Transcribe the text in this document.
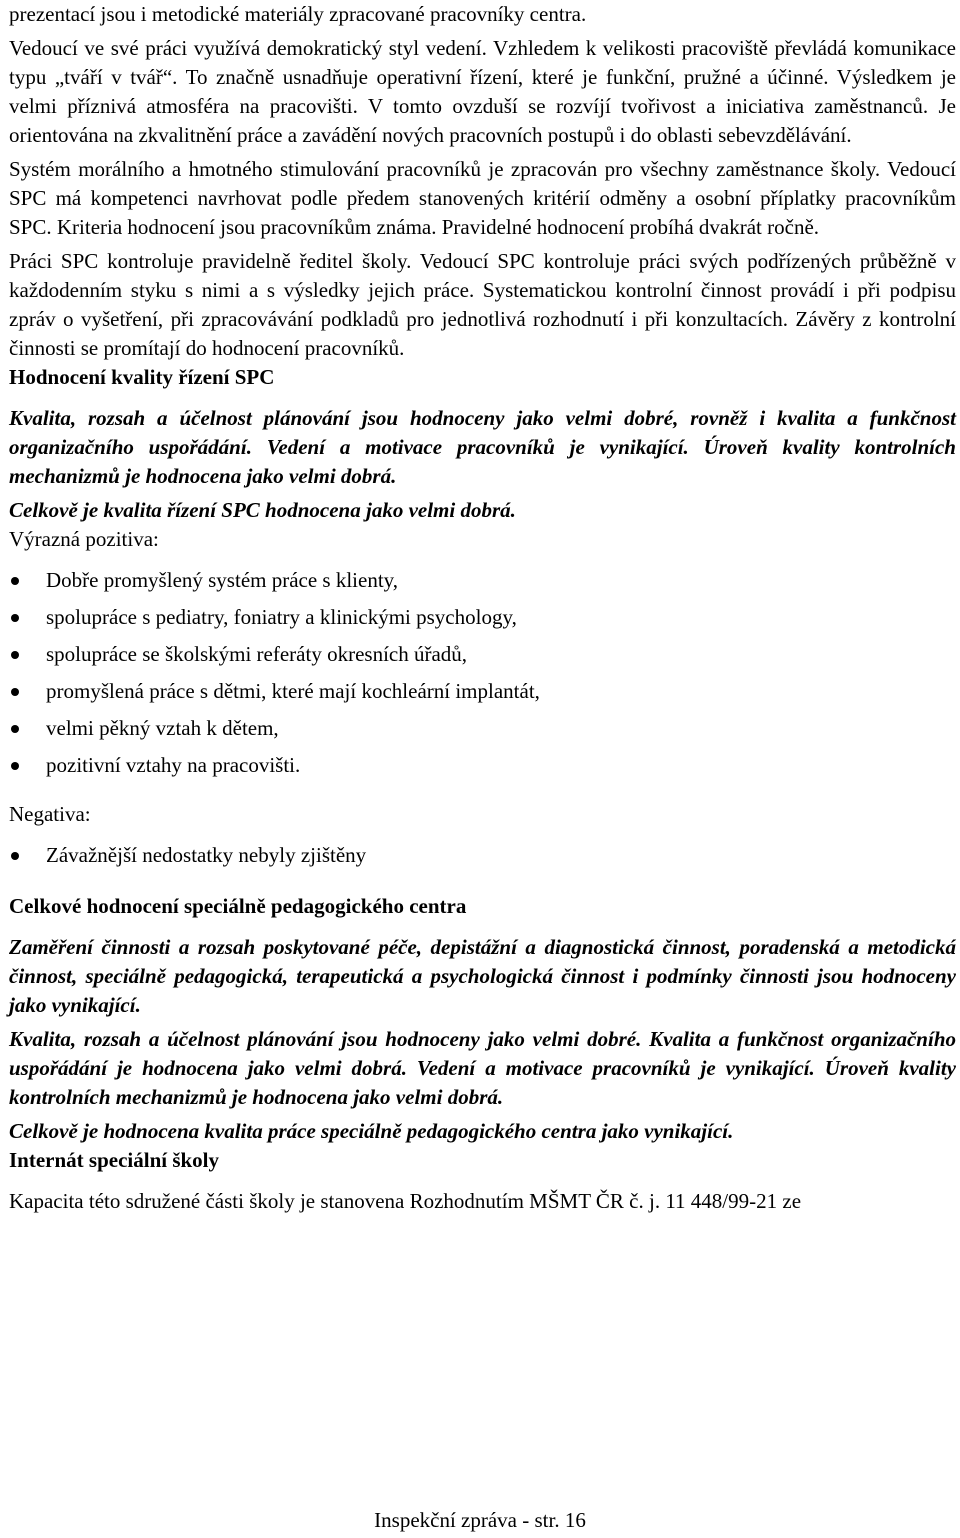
prezentací jsou i metodické materiály zpracované pracovníky centra.

Vedoucí ve své práci využívá demokratický styl vedení. Vzhledem k velikosti pracoviště převládá komunikace typu „tváří v tvář“. To značně usnadňuje operativní řízení, které je funkční, pružné a účinné. Výsledkem je velmi příznivá atmosféra na pracovišti. V tomto ovzduší se rozvíjí tvořivost a iniciativa zaměstnanců. Je orientována na zkvalitnění práce a zavádění nových pracovních postupů i do oblasti sebevzdělávání.

Systém morálního a hmotného stimulování pracovníků je zpracován pro všechny zaměstnance školy. Vedoucí SPC má kompetenci navrhovat podle předem stanovených kritérií odměny a osobní příplatky pracovníkům SPC. Kriteria hodnocení jsou pracovníkům známa. Pravidelné hodnocení probíhá dvakrát ročně.

Práci SPC kontroluje pravidelně ředitel školy. Vedoucí SPC kontroluje práci svých podřízených průběžně v každodenním styku s nimi a s výsledky jejich práce. Systematickou kontrolní činnost provádí i při podpisu zpráv o vyšetření, při zpracovávání podkladů pro jednotlivá rozhodnutí i při konzultacích. Závěry z kontrolní činnosti se promítají do hodnocení pracovníků.

Hodnocení kvality řízení SPC

Kvalita, rozsah a účelnost plánování jsou hodnoceny jako velmi dobré, rovněž i kvalita a funkčnost organizačního uspořádání. Vedení a motivace pracovníků je vynikající. Úroveň kvality kontrolních mechanizmů je hodnocena jako velmi dobrá.

Celkově je kvalita řízení SPC hodnocena jako velmi dobrá.

Výrazná pozitiva:

Dobře promyšlený systém práce s klienty,
spolupráce s pediatry, foniatry a klinickými psychology,
spolupráce se školskými referáty okresních úřadů,
promyšlená práce s dětmi, které mají kochleární implantát,
velmi pěkný vztah k dětem,
pozitivní vztahy na pracovišti.

Negativa:

Závažnější nedostatky nebyly zjištěny

Celkové hodnocení speciálně pedagogického centra

Zaměření činnosti a rozsah poskytované péče, depistážní a diagnostická činnost, poradenská a metodická činnost, speciálně pedagogická, terapeutická a psychologická činnost i podmínky činnosti jsou hodnoceny jako vynikající.

Kvalita, rozsah a účelnost plánování jsou hodnoceny jako velmi dobré. Kvalita a funkčnost organizačního uspořádání je hodnocena jako velmi dobrá. Vedení a motivace pracovníků je vynikající. Úroveň kvality kontrolních mechanizmů je hodnocena jako velmi dobrá.

Celkově je hodnocena kvalita práce speciálně pedagogického centra jako vynikající.

Internát speciální školy

Kapacita této sdružené části školy je stanovena Rozhodnutím MŠMT ČR č. j. 11 448/99-21 ze

Inspekční zpráva - str. 16
